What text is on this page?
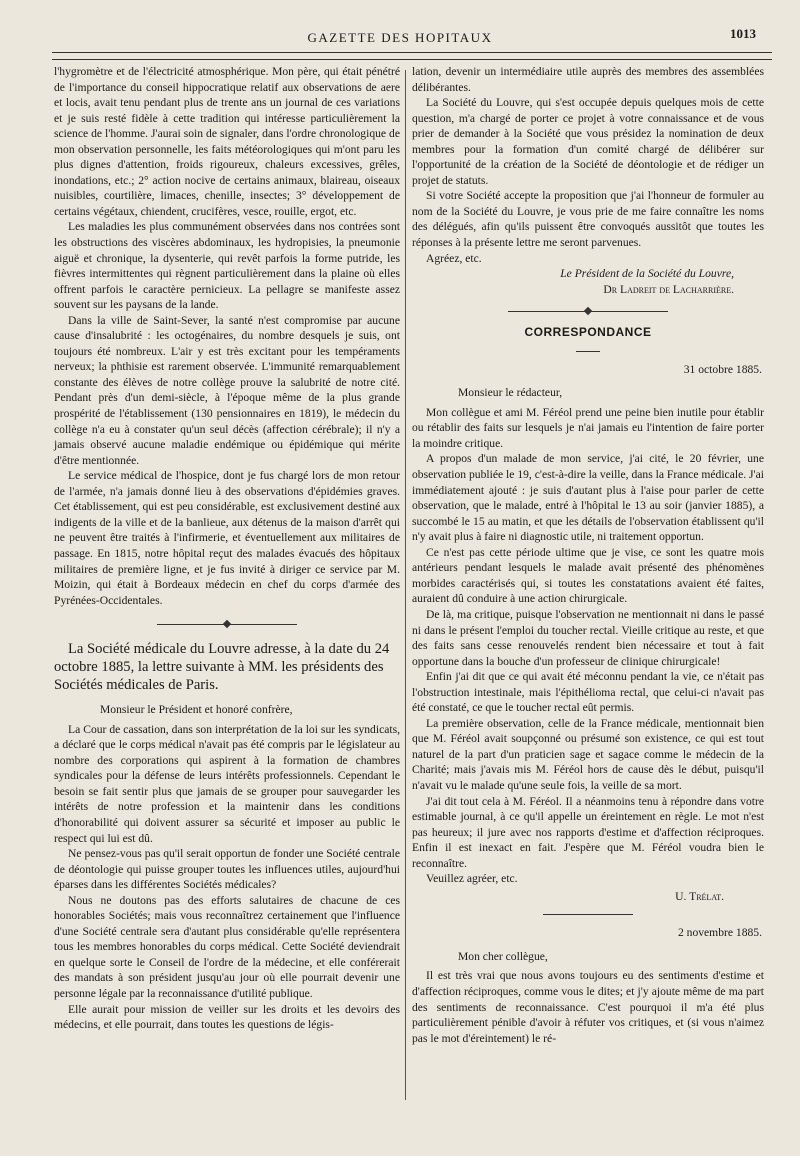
GAZETTE DES HOPITAUX	1013

l'hygromètre et de l'électricité atmosphérique. Mon père, qui était pénétré de l'importance du conseil hippocratique relatif aux observations de aere et locis, avait tenu pendant plus de trente ans un journal de ces variations et je suis resté fidèle à cette tradition qui intéresse particulièrement la science de l'homme. J'aurai soin de signaler, dans l'ordre chronologique de mon observation personnelle, les faits météorologiques qui m'ont paru les plus dignes d'attention, froids rigoureux, chaleurs excessives, grêles, inondations, etc.; 2° action nocive de certains animaux, blaireau, oiseaux nuisibles, courtilière, limaces, chenille, insectes; 3° développement de certains végétaux, chiendent, crucifères, vesce, rouille, ergot, etc.

Les maladies les plus communément observées dans nos contrées sont les obstructions des viscères abdominaux, les hydropisies, la pneumonie aiguë et chronique, la dysenterie, qui revêt parfois la forme putride, les fièvres intermittentes qui règnent particulièrement dans la plaine où elles offrent parfois le caractère pernicieux. La pellagre se manifeste assez souvent sur les paysans de la lande.

Dans la ville de Saint-Sever, la santé n'est compromise par aucune cause d'insalubrité : les octogénaires, du nombre desquels je suis, ont toujours été nombreux. L'air y est très excitant pour les tempéraments nerveux; la phthisie est rarement observée. L'immunité remarquablement constante des élèves de notre collège prouve la salubrité de notre cité. Pendant près d'un demi-siècle, à l'époque même de la plus grande prospérité de l'établissement (130 pensionnaires en 1819), le médecin du collège n'a eu à constater qu'un seul décès (affection cérébrale); il n'y a jamais observé aucune maladie endémique ou épidémique qui mérite d'être mentionnée.

Le service médical de l'hospice, dont je fus chargé lors de mon retour de l'armée, n'a jamais donné lieu à des observations d'épidémies graves. Cet établissement, qui est peu considérable, est exclusivement destiné aux indigents de la ville et de la banlieue, aux détenus de la maison d'arrêt qui ne peuvent être traités à l'infirmerie, et éventuellement aux militaires de passage. En 1815, notre hôpital reçut des malades évacués des hôpitaux militaires de première ligne, et je fus invité à diriger ce service par M. Moizin, qui était à Bordeaux médecin en chef du corps d'armée des Pyrénées-Occidentales.

La Société médicale du Louvre adresse, à la date du 24 octobre 1885, la lettre suivante à MM. les présidents des Sociétés médicales de Paris.

Monsieur le Président et honoré confrère,

La Cour de cassation, dans son interprétation de la loi sur les syndicats, a déclaré que le corps médical n'avait pas été compris par le législateur au nombre des corporations qui aspirent à la formation de chambres syndicales pour la défense de leurs intérêts professionnels. Cependant le besoin se fait sentir plus que jamais de se grouper pour sauvegarder les intérêts de notre profession et la maintenir dans les conditions d'honorabilité qui doivent assurer sa sécurité et imposer au public le respect qui lui est dû.

Ne pensez-vous pas qu'il serait opportun de fonder une Société centrale de déontologie qui puisse grouper toutes les influences utiles, aujourd'hui éparses dans les différentes Sociétés médicales?

Nous ne doutons pas des efforts salutaires de chacune de ces honorables Sociétés; mais vous reconnaîtrez certainement que l'influence d'une Société centrale sera d'autant plus considérable qu'elle représentera tous les membres honorables du corps médical. Cette Société deviendrait en quelque sorte le Conseil de l'ordre de la médecine, et elle conférerait des mandats à son président jusqu'au jour où elle pourrait devenir une personne légale par la reconnaissance d'utilité publique.

Elle aurait pour mission de veiller sur les droits et les devoirs des médecins, et elle pourrait, dans toutes les questions de légis-

lation, devenir un intermédiaire utile auprès des membres des assemblées délibérantes.

La Société du Louvre, qui s'est occupée depuis quelques mois de cette question, m'a chargé de porter ce projet à votre connaissance et de vous prier de demander à la Société que vous présidez la nomination de deux membres pour la formation d'un comité chargé de délibérer sur l'opportunité de la création de la Société de déontologie et de rédiger un projet de statuts.

Si votre Société accepte la proposition que j'ai l'honneur de formuler au nom de la Société du Louvre, je vous prie de me faire connaître les noms des délégués, afin qu'ils puissent être convoqués aussitôt que toutes les réponses à la présente lettre me seront parvenues.

Agréez, etc.

Le Président de la Société du Louvre,

Dr Ladreit de Lacharrière.

CORRESPONDANCE

31 octobre 1885.

Monsieur le rédacteur,

Mon collègue et ami M. Féréol prend une peine bien inutile pour établir ou rétablir des faits sur lesquels je n'ai jamais eu l'intention de faire porter la moindre critique.

A propos d'un malade de mon service, j'ai cité, le 20 février, une observation publiée le 19, c'est-à-dire la veille, dans la France médicale. J'ai immédiatement ajouté : je suis d'autant plus à l'aise pour parler de cette observation, que le malade, entré à l'hôpital le 13 au soir (janvier 1885), a succombé le 15 au matin, et que les détails de l'observation établissent qu'il n'y avait plus à faire ni diagnostic utile, ni traitement opportun.

Ce n'est pas cette période ultime que je vise, ce sont les quatre mois antérieurs pendant lesquels le malade avait présenté des phénomènes morbides caractérisés qui, si toutes les constatations avaient été faites, auraient dû conduire à une action chirurgicale.

De là, ma critique, puisque l'observation ne mentionnait ni dans le passé ni dans le présent l'emploi du toucher rectal. Vieille critique au reste, et que des faits sans cesse renouvelés rendent bien nécessaire et tout à fait opportune dans la bouche d'un professeur de clinique chirurgicale!

Enfin j'ai dit que ce qui avait été méconnu pendant la vie, ce n'était pas l'obstruction intestinale, mais l'épithélioma rectal, que celui-ci n'avait pas été constaté, ce que le toucher rectal eût permis.

La première observation, celle de la France médicale, mentionnait bien que M. Féréol avait soupçonné ou présumé son existence, ce qui est tout naturel de la part d'un praticien sage et sagace comme le médecin de la Charité; mais j'avais mis M. Féréol hors de cause dès le début, puisqu'il n'avait vu le malade qu'une seule fois, la veille de sa mort.

J'ai dit tout cela à M. Féréol. Il a néanmoins tenu à répondre dans votre estimable journal, à ce qu'il appelle un éreintement en règle. Le mot n'est pas heureux; il jure avec nos rapports d'estime et d'affection réciproques. Enfin il est inexact en fait. J'espère que M. Féréol voudra bien le reconnaître.

Veuillez agréer, etc.

U. Trélat.

2 novembre 1885.

Mon cher collègue,

Il est très vrai que nous avons toujours eu des sentiments d'estime et d'affection réciproques, comme vous le dites; et j'y ajoute même de ma part des sentiments de reconnaissance. C'est pourquoi il m'a été plus particulièrement pénible d'avoir à réfuter vos critiques, et (si vous n'aimez pas le mot d'éreintement) le ré-
